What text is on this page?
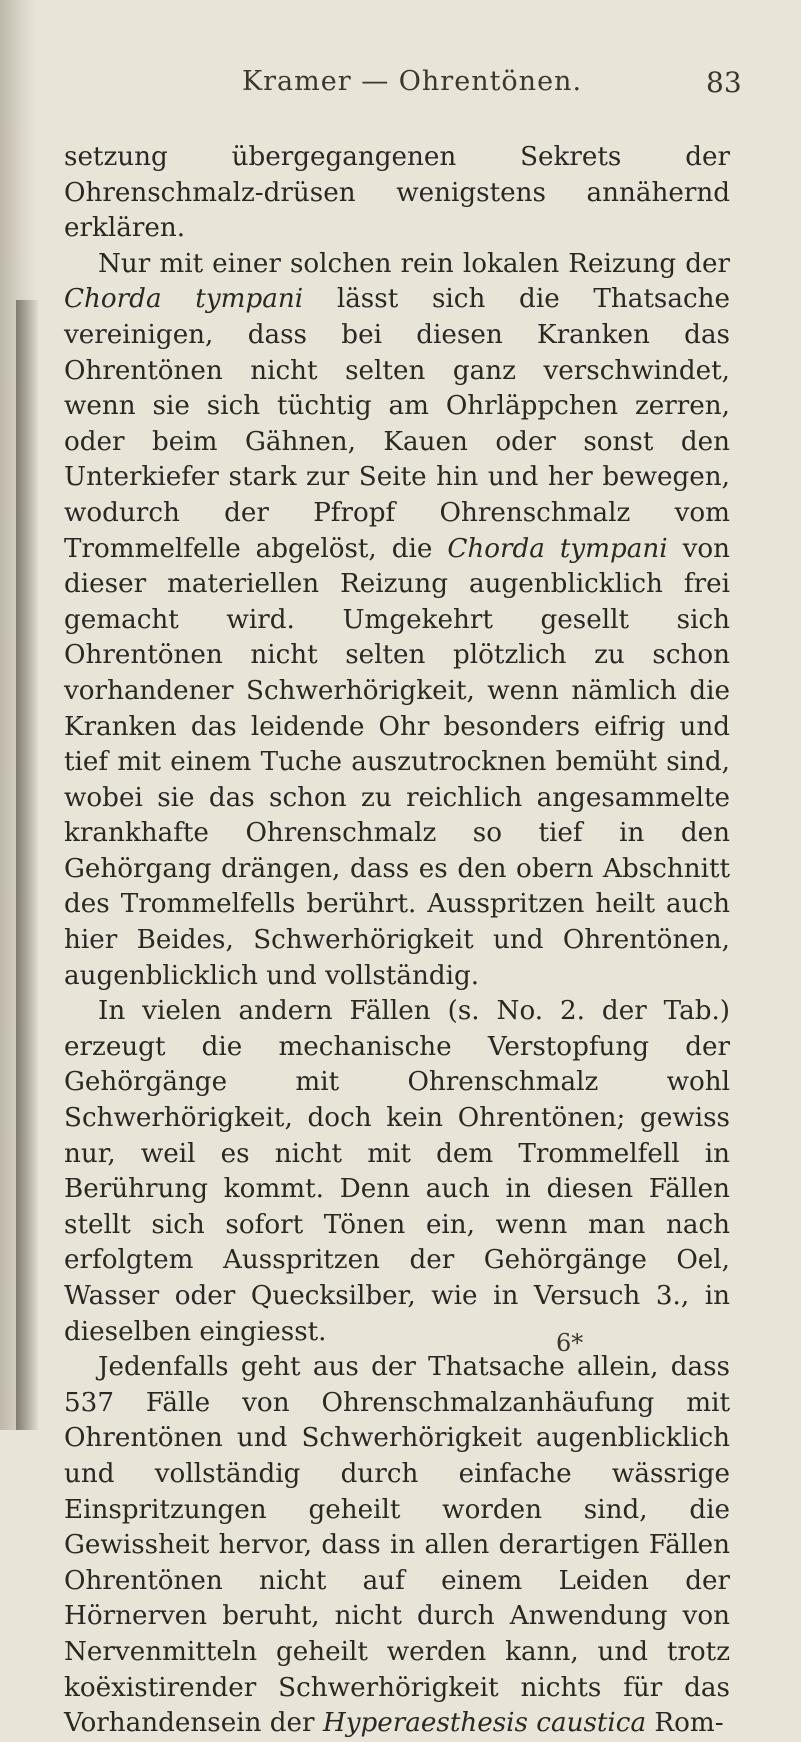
Kramer — Ohrentönen.	83

setzung übergegangenen Sekrets der Ohrenschmalz-drüsen wenigstens annähernd erklären.

Nur mit einer solchen rein lokalen Reizung der Chorda tympani lässt sich die Thatsache vereinigen, dass bei diesen Kranken das Ohrentönen nicht selten ganz verschwindet, wenn sie sich tüchtig am Ohrläppchen zerren, oder beim Gähnen, Kauen oder sonst den Unterkiefer stark zur Seite hin und her bewegen, wodurch der Pfropf Ohrenschmalz vom Trommelfelle abgelöst, die Chorda tympani von dieser materiellen Reizung augenblicklich frei gemacht wird. Umgekehrt gesellt sich Ohrentönen nicht selten plötzlich zu schon vorhandener Schwerhörigkeit, wenn nämlich die Kranken das leidende Ohr besonders eifrig und tief mit einem Tuche auszutrocknen bemüht sind, wobei sie das schon zu reichlich angesammelte krankhafte Ohrenschmalz so tief in den Gehörgang drängen, dass es den obern Abschnitt des Trommelfells berührt. Ausspritzen heilt auch hier Beides, Schwerhörigkeit und Ohrentönen, augenblicklich und vollständig.

In vielen andern Fällen (s. No. 2. der Tab.) erzeugt die mechanische Verstopfung der Gehörgänge mit Ohrenschmalz wohl Schwerhörigkeit, doch kein Ohrentönen; gewiss nur, weil es nicht mit dem Trommelfell in Berührung kommt. Denn auch in diesen Fällen stellt sich sofort Tönen ein, wenn man nach erfolgtem Ausspritzen der Gehörgänge Oel, Wasser oder Quecksilber, wie in Versuch 3., in dieselben eingiesst.

Jedenfalls geht aus der Thatsache allein, dass 537 Fälle von Ohrenschmalzanhäufung mit Ohrentönen und Schwerhörigkeit augenblicklich und vollständig durch einfache wässrige Einspritzungen geheilt worden sind, die Gewissheit hervor, dass in allen derartigen Fällen Ohrentönen nicht auf einem Leiden der Hörnerven beruht, nicht durch Anwendung von Nervenmitteln geheilt werden kann, und trotz koëxistirender Schwerhörigkeit nichts für das Vorhandensein der Hyperaesthesis caustica Rom-

6*
